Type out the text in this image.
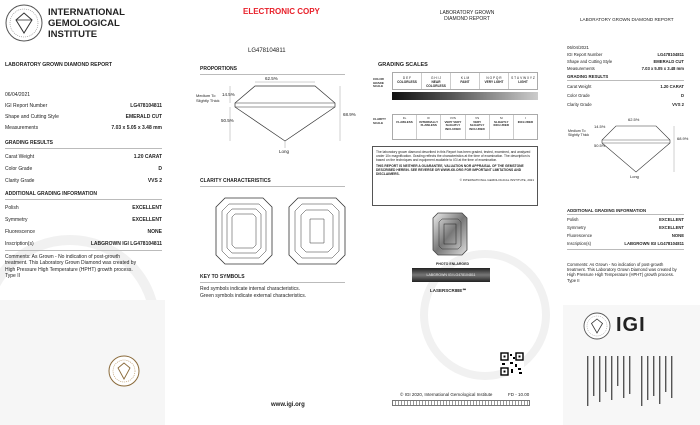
INTERNATIONAL
GEMOLOGICAL
INSTITUTE
ELECTRONIC COPY	LABORATORY GROWN
DIAMOND REPORT	LABORATORY GROWN DIAMOND REPORT
LABORATORY GROWN DIAMOND REPORT
06/04/2021
IGI Report Number	LG478104811
Shape and Cutting Style	EMERALD CUT
Measurements	7.03 x 5.05 x 3.48 mm
GRADING RESULTS
Carat Weight	1.20 CARAT
Color Grade	D
Clarity Grade	VVS 2
ADDITIONAL GRADING INFORMATION
Polish	EXCELLENT
Symmetry	EXCELLENT
Fluorescence	NONE
Inscription(s)	LABGROWN IGI LG478104811
Comments: As Grown - No indication of post-growth treatment. This Laboratory Grown Diamond was created by High Pressure High Temperature (HPHT) growth process. Type II
LG478104811
PROPORTIONS
62.5%
Medium To Slightly Thick
14.5%
50.5%
68.9%
Long
CLARITY CHARACTERISTICS
KEY TO SYMBOLS
Red symbols indicate internal characteristics.
Green symbols indicate external characteristics.
www.igi.org
GRADING SCALES
COLOR GRADE SCALE
D E F
COLORLESS
G H I J
NEAR COLORLESS
K L M
FAINT
N O P Q R
VERY LIGHT
S T U V W X Y Z
LIGHT
CLARITY SCALE
FL
FLAWLESS
IF
INTERNALLY FLAWLESS
VVS
VERY VERY SLIGHTLY INCLUDED
VS
VERY SLIGHTLY INCLUDED
SI
SLIGHTLY INCLUDED
I
INCLUDED
The laboratory grown diamond described in this Report has been graded, tested, examined, and analyzed under 10x magnification. Grading reflects the characteristics at the time of examination. The description is based on the techniques and equipment available to IGI at the time of examination.
THIS REPORT IS NEITHER A GUARANTEE, VALUATION NOR APPRAISAL OF THE GEMSTONE DESCRIBED HEREIN. SEE REVERSE OR WWW.IGI.ORG FOR IMPORTANT LIMITATIONS AND DISCLAIMERS.
© INTERNATIONAL GEMOLOGICAL INSTITUTE, 2021
PHOTO ENLARGED
LABGROWN IGI LG478104811
LASERSCRIBE℠
© IGI 2020, International Gemological Institute	FD - 10.00
06/04/2021
IGI Report Number	LG478104811
Shape and Cutting Style	EMERALD CUT
Measurements	7.03 x 5.05 x 3.48 mm
GRADING RESULTS
Carat Weight	1.20 CARAT
Color Grade	D
Clarity Grade	VVS 2
62.5%
Medium To Slightly Thick
14.5%
50.5%
68.9%
Long
ADDITIONAL GRADING INFORMATION
Polish	EXCELLENT
Symmetry	EXCELLENT
Fluorescence	NONE
Inscription(s)	LABGROWN IGI LG478104811
Comments: As Grown - No indication of post-growth treatment. This Laboratory Grown Diamond was created by High Pressure High Temperature (HPHT) growth process. Type II
IGI
